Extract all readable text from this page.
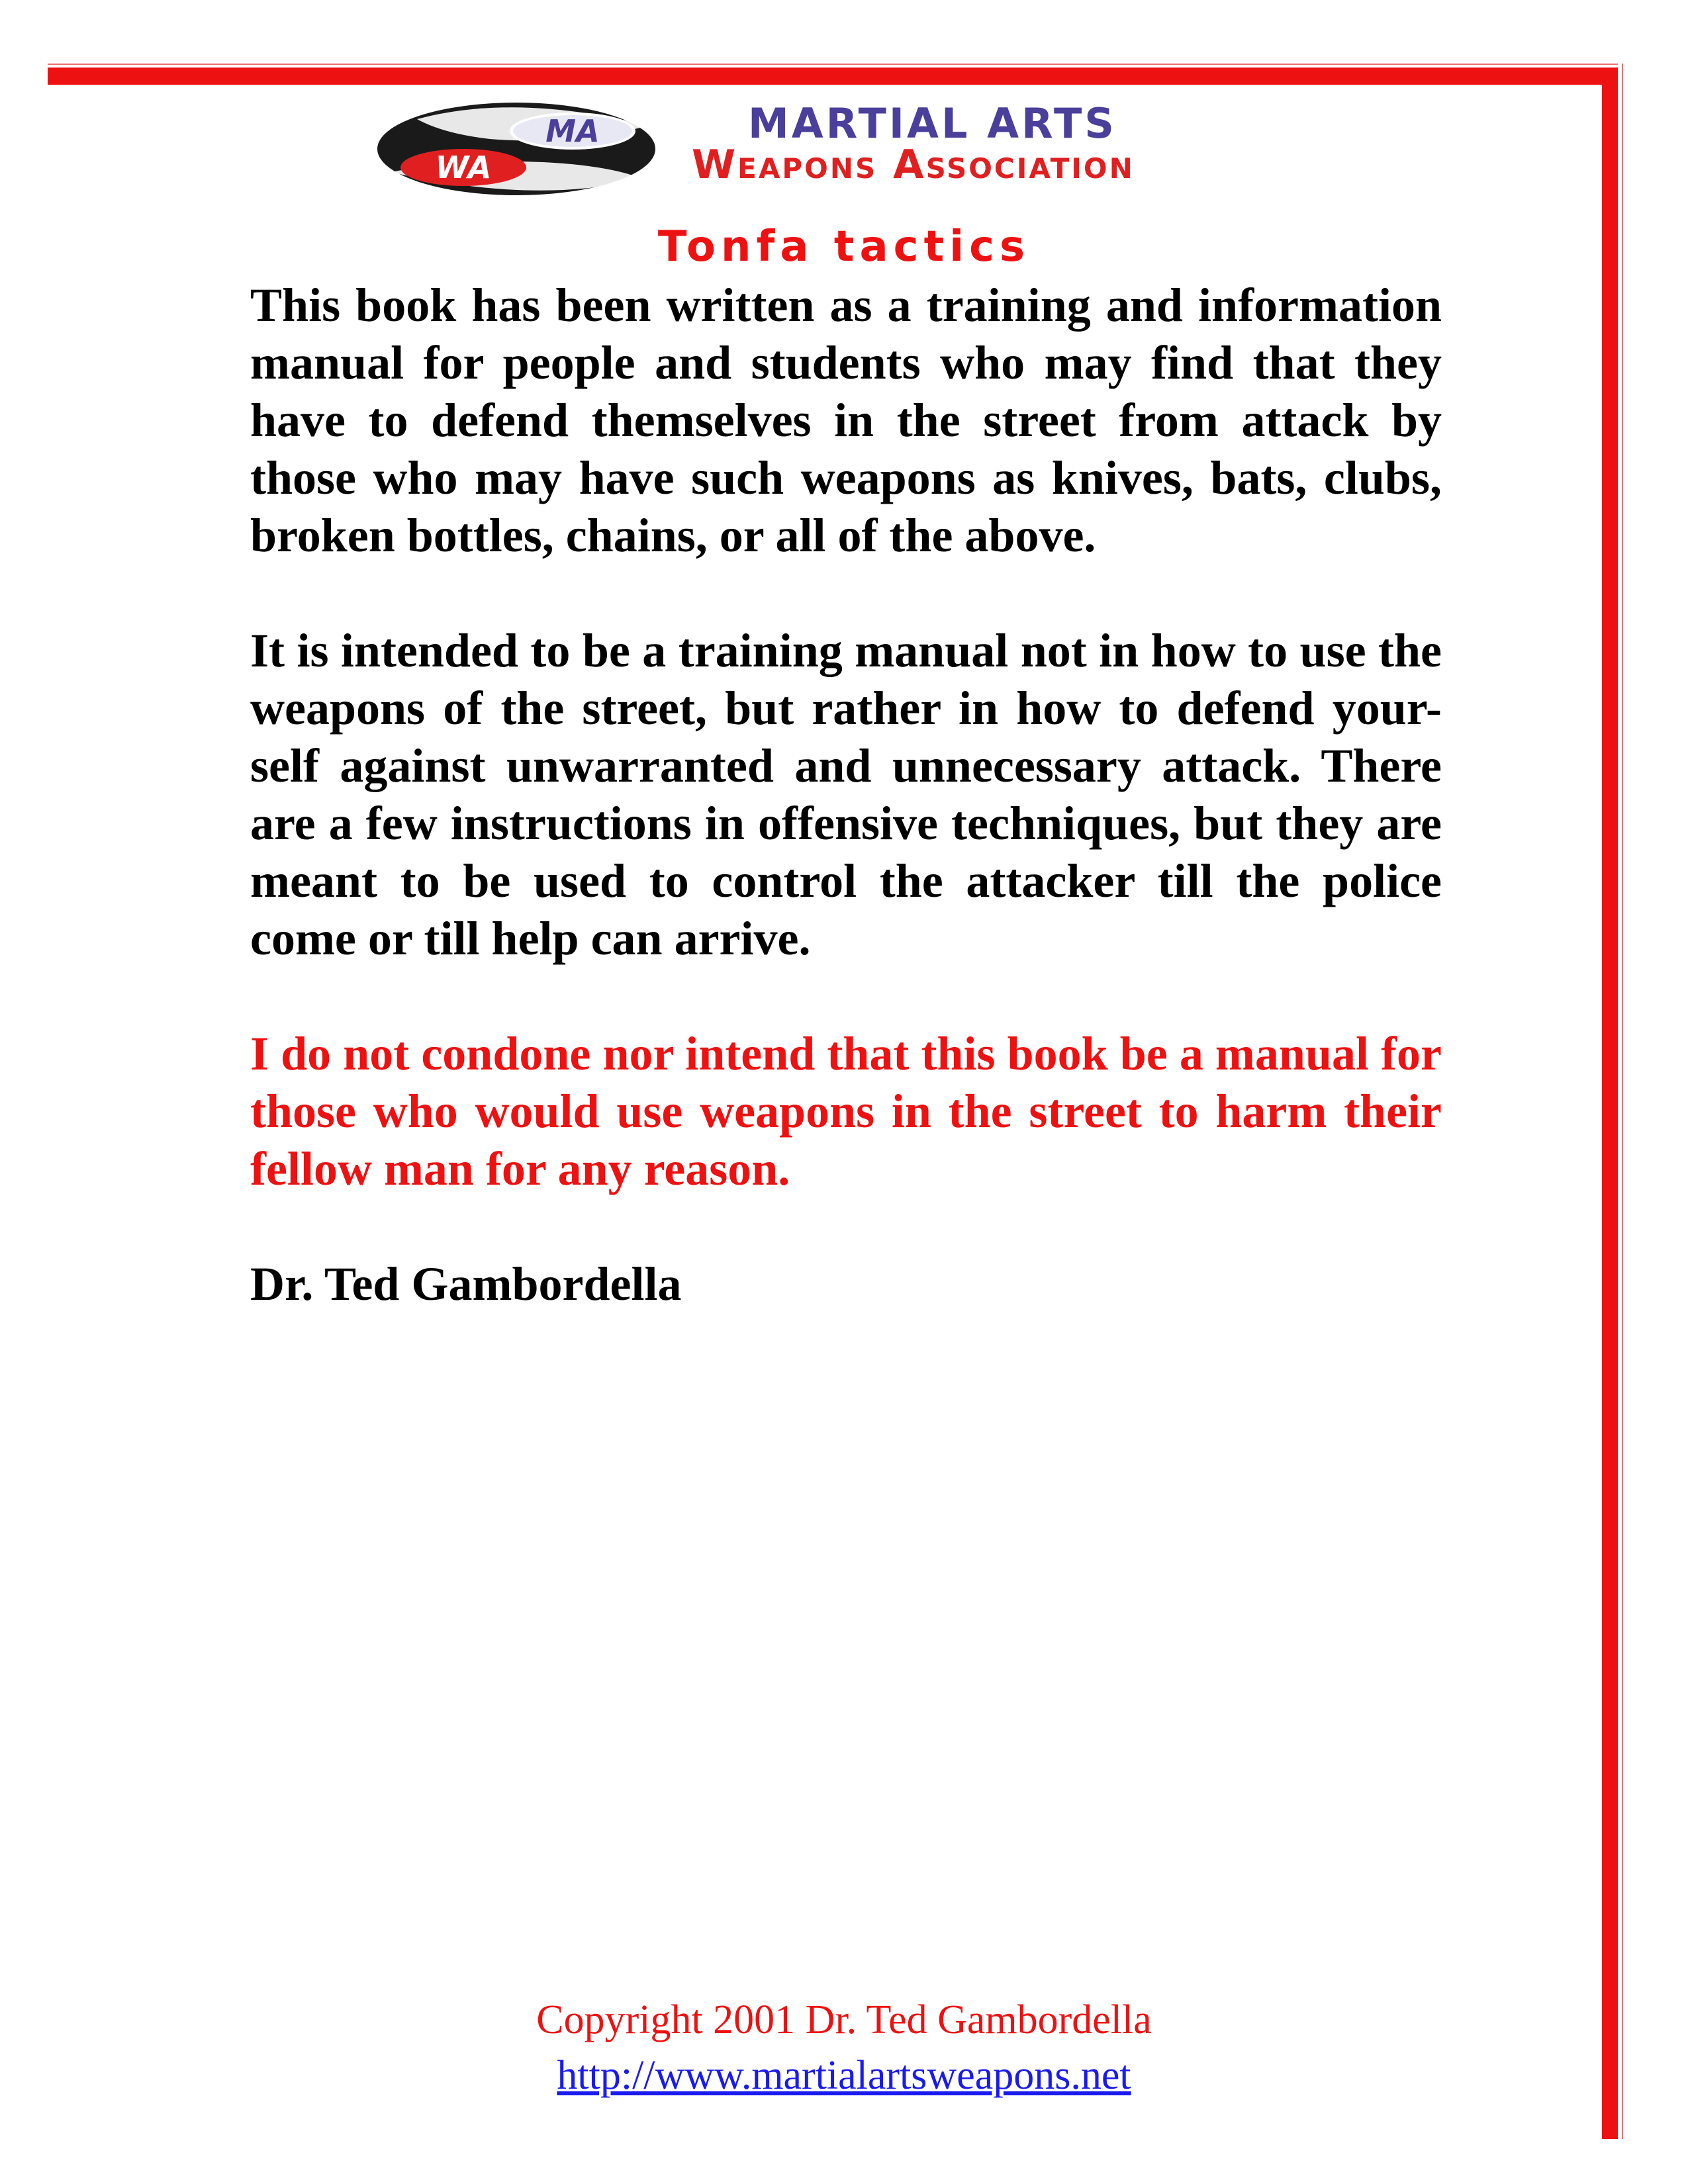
MA
WA
MARTIAL ARTS
Weapons Association
Tonfa tactics

This book has been written as a training and information manual for people and students who may find that they have to defend themselves in the street from attack by those who may have such weapons as knives, bats, clubs, broken bottles, chains, or all of the above.

It is intended to be a training manual not in how to use the weapons of the street, but rather in how to defend your- self against unwarranted and unnecessary attack. There are a few instructions in offensive techniques, but they are meant to be used to control the attacker till the police come or till help can arrive.

I do not condone nor intend that this book be a manual for those who would use weapons in the street to harm their fellow man for any reason.

Dr. Ted Gambordella

Copyright 2001 Dr. Ted Gambordella
http://www.martialartsweapons.net
